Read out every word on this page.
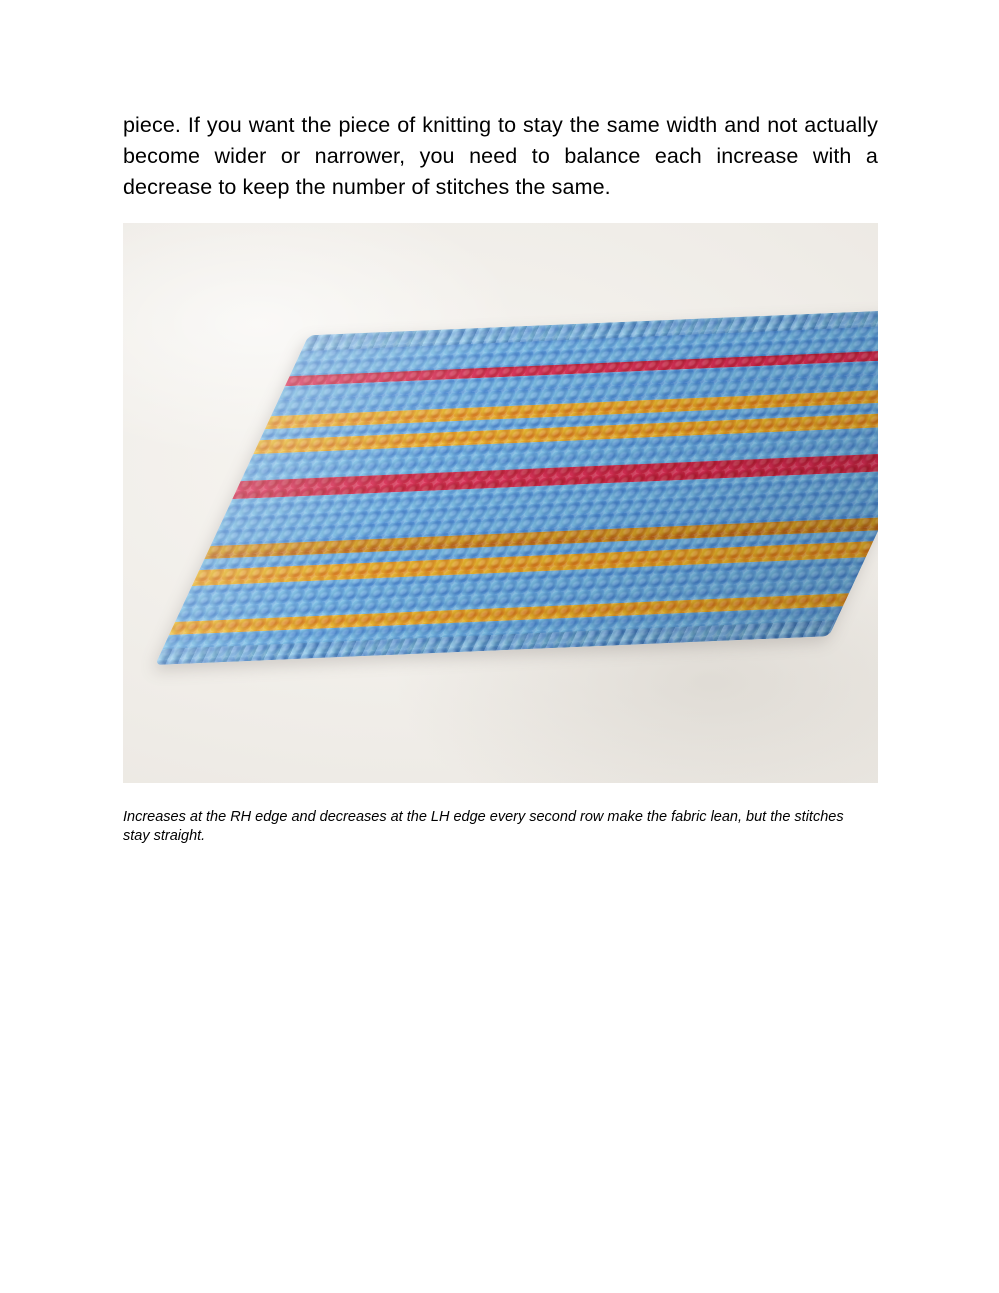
piece. If you want the piece of knitting to stay the same width and not actually become wider or narrower, you need to balance each increase with a decrease to keep the number of stitches the same.

Increases at the RH edge and decreases at the LH edge every second row make the fabric lean, but the stitches stay straight.
